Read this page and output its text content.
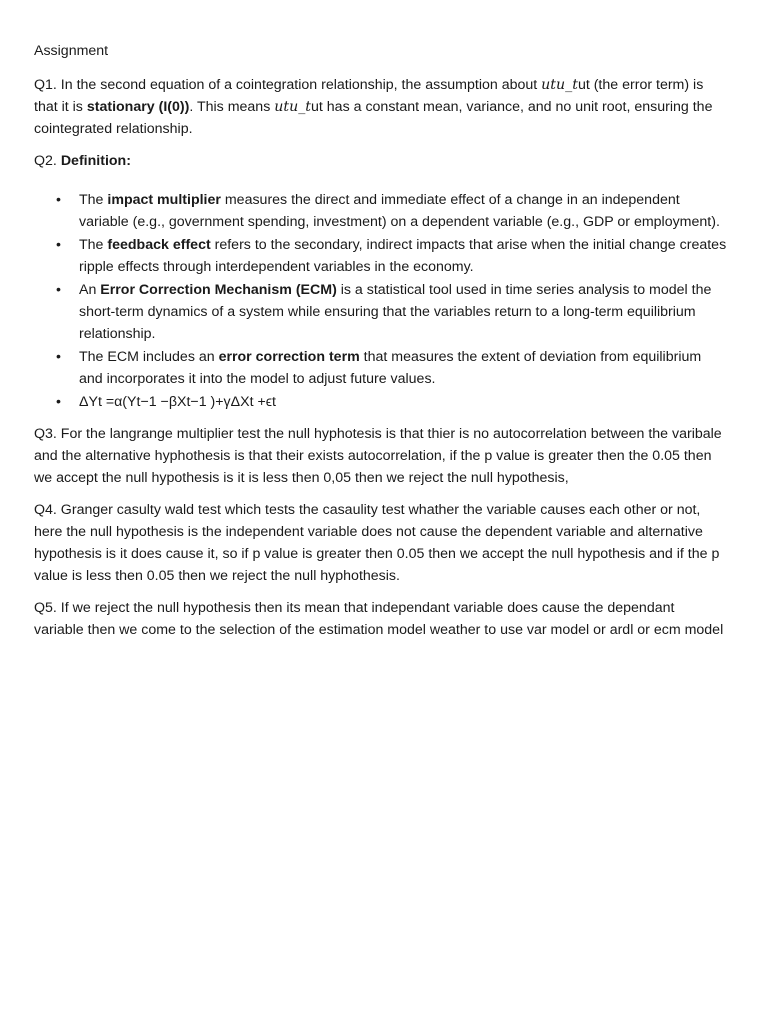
Assignment

Q1. In the second equation of a cointegration relationship, the assumption about utu_tut (the error term) is that it is stationary (I(0)). This means utu_tut has a constant mean, variance, and no unit root, ensuring the cointegrated relationship.

Q2. Definition:

• The impact multiplier measures the direct and immediate effect of a change in an independent variable (e.g., government spending, investment) on a dependent variable (e.g., GDP or employment).
• The feedback effect refers to the secondary, indirect impacts that arise when the initial change creates ripple effects through interdependent variables in the economy.
• An Error Correction Mechanism (ECM) is a statistical tool used in time series analysis to model the short-term dynamics of a system while ensuring that the variables return to a long-term equilibrium relationship.
• The ECM includes an error correction term that measures the extent of deviation from equilibrium and incorporates it into the model to adjust future values.
• ΔYt =α(Yt−1 −βXt−1 )+γΔXt +ϵt

Q3. For the langrange multiplier test the null hyphotesis is that thier is no autocorrelation between the varibale and the alternative hyphothesis is that their exists autocorrelation, if the p value is greater then the 0.05 then we accept the null hypothesis is it is less then 0,05 then we reject the null hypothesis,

Q4. Granger casulty wald test which tests the casaulity test whather the variable causes each other or not, here the null hypothesis is the independent variable does not cause the dependent variable and alternative hypothesis is it does cause it, so if p value is greater then 0.05 then we accept the null hypothesis and if the p value is less then 0.05 then we reject the null hyphothesis.

Q5. If we reject the null hypothesis then its mean that independant variable does cause the dependant variable then we come to the selection of the estimation model weather to use var model or ardl or ecm model
